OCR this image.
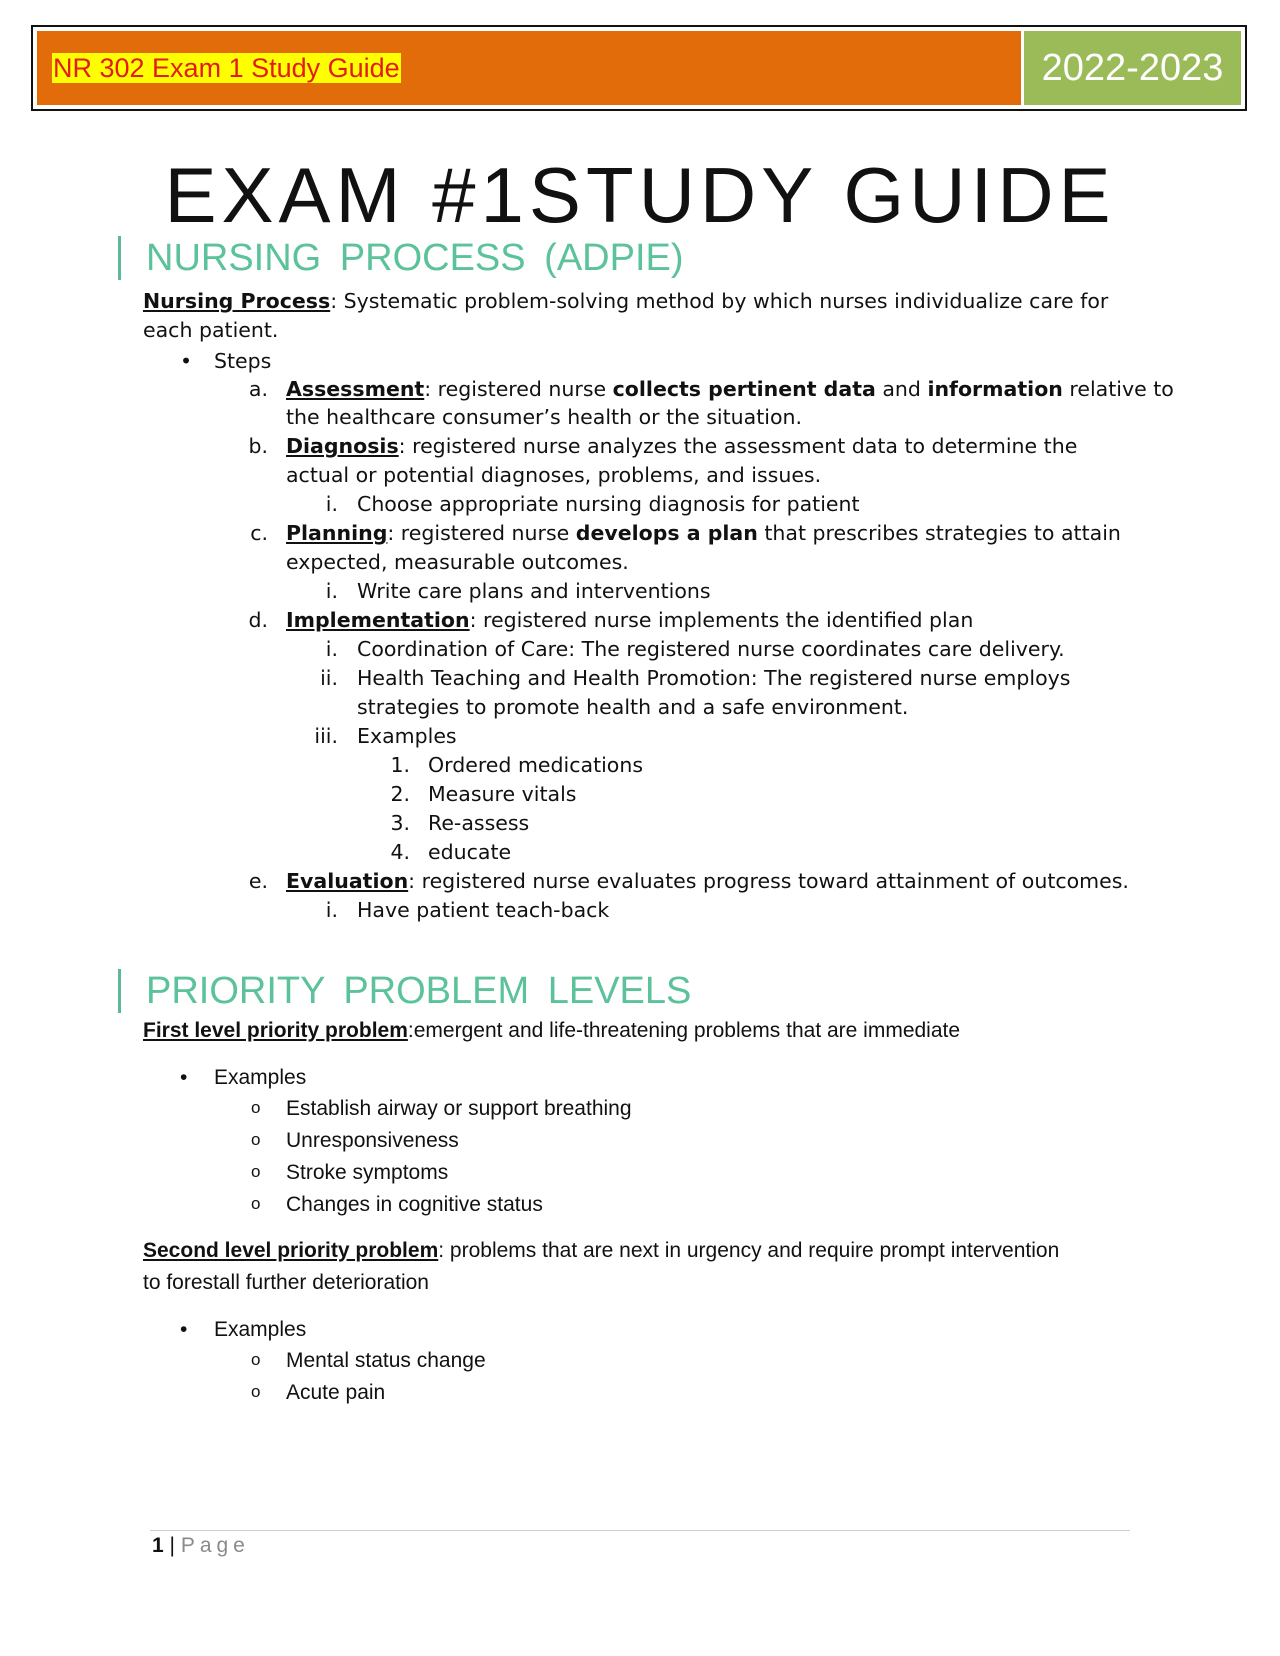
NR 302 Exam 1 Study Guide	2022-2023
EXAM #1STUDY GUIDE
NURSING PROCESS (ADPIE)
Nursing Process: Systematic problem-solving method by which nurses individualize care for
each patient.
• Steps
a. Assessment: registered nurse collects pertinent data and information relative to
the healthcare consumer’s health or the situation.
b. Diagnosis: registered nurse analyzes the assessment data to determine the
actual or potential diagnoses, problems, and issues.
i. Choose appropriate nursing diagnosis for patient
c. Planning: registered nurse develops a plan that prescribes strategies to attain
expected, measurable outcomes.
i. Write care plans and interventions
d. Implementation: registered nurse implements the identified plan
i. Coordination of Care: The registered nurse coordinates care delivery.
ii. Health Teaching and Health Promotion: The registered nurse employs
strategies to promote health and a safe environment.
iii. Examples
1. Ordered medications
2. Measure vitals
3. Re-assess
4. educate
e. Evaluation: registered nurse evaluates progress toward attainment of outcomes.
i. Have patient teach-back
PRIORITY PROBLEM LEVELS
First level priority problem:emergent and life-threatening problems that are immediate
• Examples
o Establish airway or support breathing
o Unresponsiveness
o Stroke symptoms
o Changes in cognitive status
Second level priority problem: problems that are next in urgency and require prompt intervention
to forestall further deterioration
• Examples
o Mental status change
o Acute pain
1 | Page
